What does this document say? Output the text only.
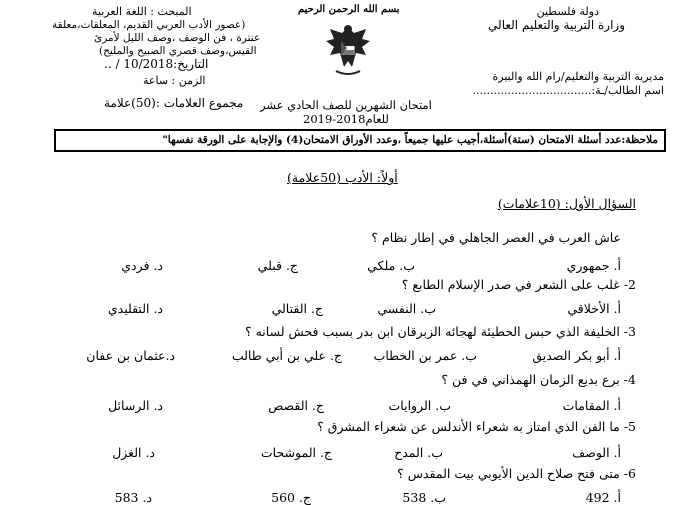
دولة فلسطين
وزارة التربية والتعليم العالي
مديرية التربية والتعليم/رام الله والبيرة
اسم الطالب/ـة:..................................
بسم الله الرحمن الرحيم
امتحان الشهرين للصف الحادي عشر
للعام2018-2019
المبحث : اللغة العربية
(عصور الأدب العربي القديم، المعلقات،معلقة
عنترة ، فن الوصف ،وصف الليل لأمرئ
القيس،وصف قصري الصبيح والمليح)
التاريخ:10/2018 / ..
الزمن : ساعة
مجموع العلامات :(50)علامة
ملاحظة:عدد أسئلة الامتحان (ستة)أسئلة،أجيب عليها جميعاً ،وعدد الأوراق الامتحان(4) والإجابة على الورقة نفسها"
أولاً: الأدب (50علامة)
السؤال الأول: (10علامات)
عاش العرب في العصر الجاهلي في إطار نظام ؟
أ. جمهوري
ب. ملكي
ج. قبلي
د. فردي
2- غلب على الشعر في صدر الإسلام الطابع ؟
أ. الأخلاقي
ب. النفسي
ج. القتالي
د. التقليدي
3- الخليفة الذي حبس الحطيئة لهجائه الزبرقان ابن بدر بسبب فحش لسانه ؟
أ. أبو بكر الصديق
ب. عمر بن الخطاب
ج. علي بن أبي طالب
د.عثمان بن عفان
4- برع بديع الزمان الهمذاني في فن ؟
أ. المقامات
ب. الروايات
ج. القصص
د. الرسائل
5- ما الفن الذي امتاز به شعراء الأندلس عن شعراء المشرق ؟
أ. الوصف
ب. المدح
ج. الموشحات
د. الغزل
6- متى فتح صلاح الدين الأيوبي بيت المقدس ؟
أ. 492
ب. 538
ج. 560
د. 583
